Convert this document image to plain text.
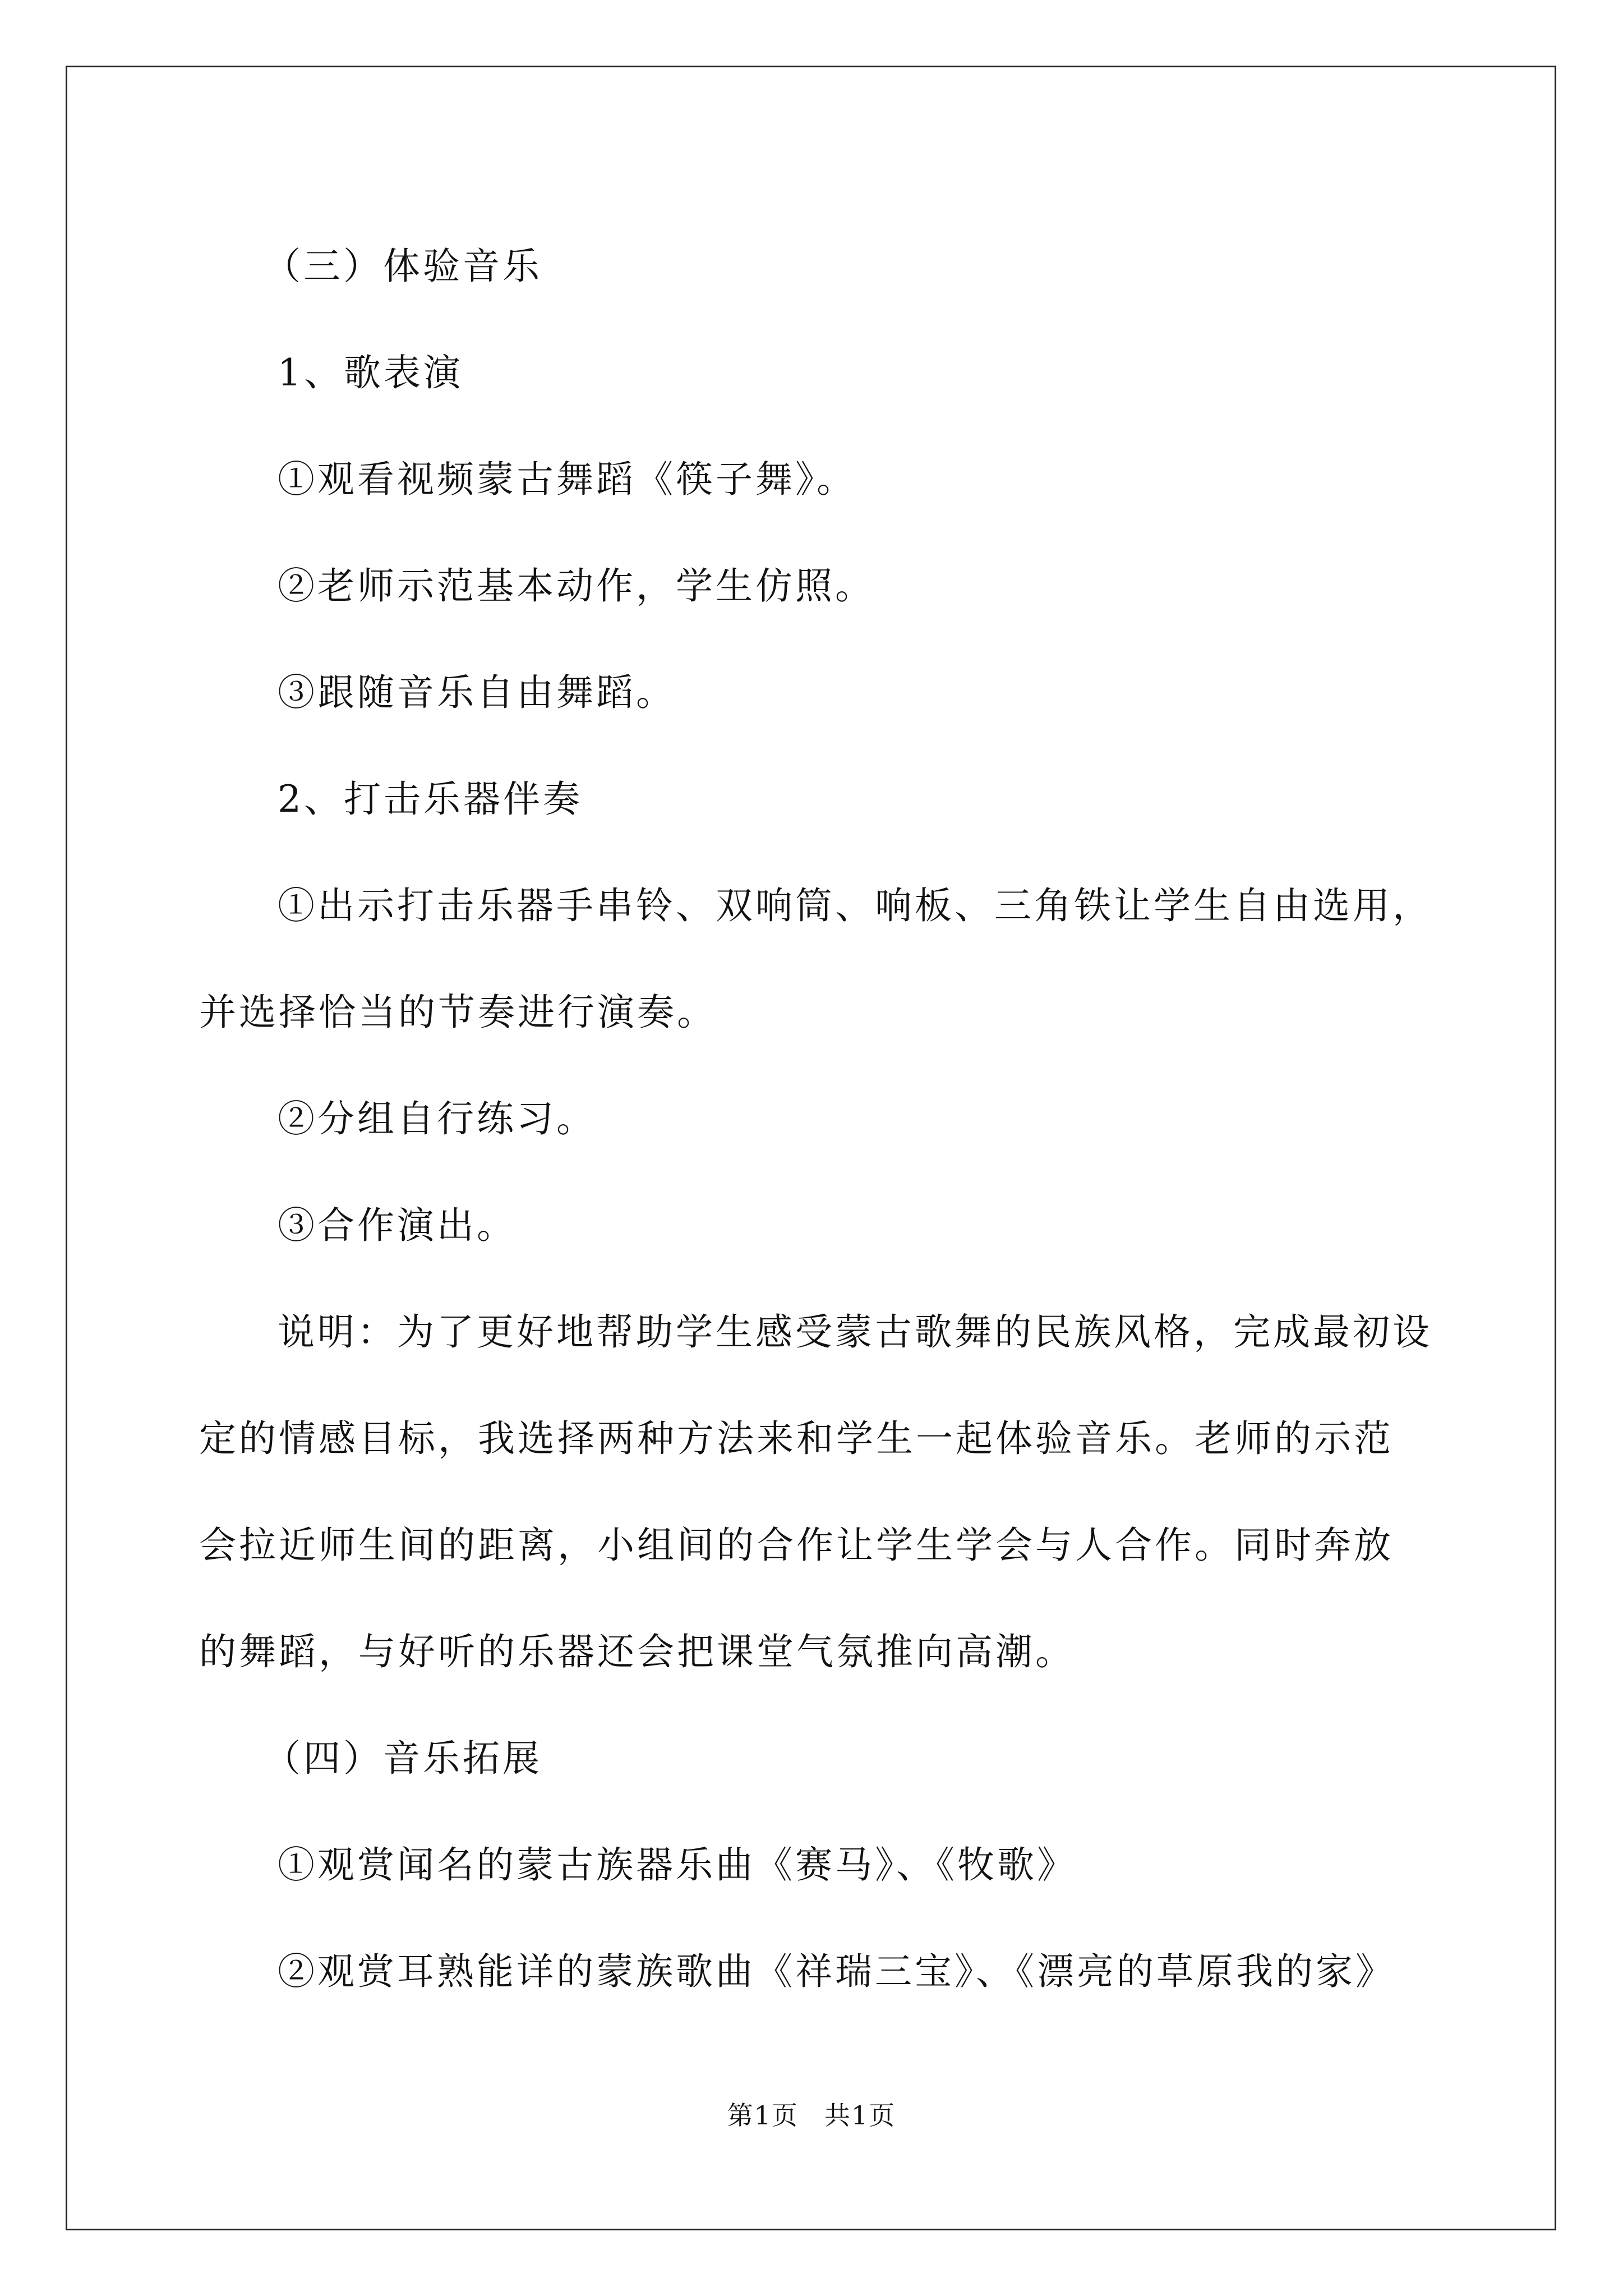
（三）体验音乐

1、歌表演

①观看视频蒙古舞蹈《筷子舞》。

②老师示范基本动作，学生仿照。

③跟随音乐自由舞蹈。

2、打击乐器伴奏

①出示打击乐器手串铃、双响筒、响板、三角铁让学生自由选用，并选择恰当的节奏进行演奏。

②分组自行练习。

③合作演出。

说明：为了更好地帮助学生感受蒙古歌舞的民族风格，完成最初设定的情感目标，我选择两种方法来和学生一起体验音乐。老师的示范会拉近师生间的距离，小组间的合作让学生学会与人合作。同时奔放的舞蹈，与好听的乐器还会把课堂气氛推向高潮。

（四）音乐拓展

①观赏闻名的蒙古族器乐曲《赛马》、《牧歌》

②观赏耳熟能详的蒙族歌曲《祥瑞三宝》、《漂亮的草原我的家》

第1页 共1页
